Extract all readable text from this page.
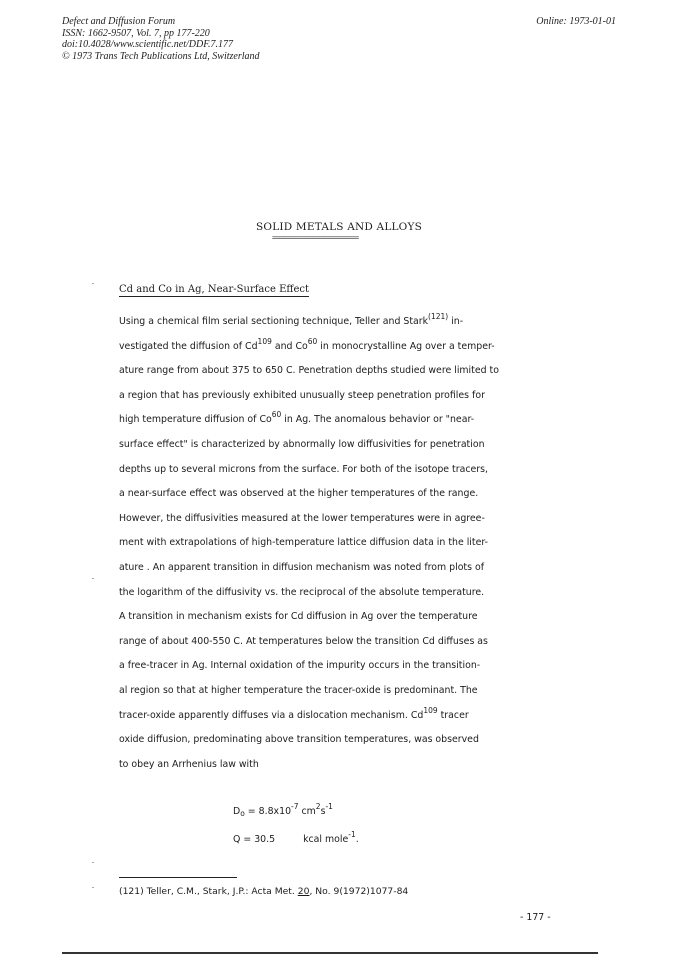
Defect and Diffusion Forum
ISSN: 1662-9507, Vol. 7, pp 177-220
doi:10.4028/www.scientific.net/DDF.7.177
© 1973 Trans Tech Publications Ltd, Switzerland
Online: 1973-01-01
SOLID METALS AND ALLOYS
==========================
Cd and Co in Ag, Near-Surface Effect
Using a chemical film serial sectioning technique, Teller and Stark$^{(121)}$ in-
vestigated the diffusion of Cd$^{109}$ and Co$^{60}$ in monocrystalline Ag over a temper-
ature range from about 375 to 650 C. Penetration depths studied were limited to
a region that has previously exhibited unusually steep penetration profiles for
high temperature diffusion of Co$^{60}$ in Ag. The anomalous behavior or "near-
surface effect" is characterized by abnormally low diffusivities for penetration
depths up to several microns from the surface. For both of the isotope tracers,
a near-surface effect was observed at the higher temperatures of the range.
However, the diffusivities measured at the lower temperatures were in agree-
ment with extrapolations of high-temperature lattice diffusion data in the liter-
ature . An apparent transition in diffusion mechanism was noted from plots of
the logarithm of the diffusivity vs. the reciprocal of the absolute temperature.
A transition in mechanism exists for Cd diffusion in Ag over the temperature
range of about 400-550 C. At temperatures below the transition Cd diffuses as
a free-tracer in Ag. Internal oxidation of the impurity occurs in the transition-
al region so that at higher temperature the tracer-oxide is predominant. The
tracer-oxide apparently diffuses via a dislocation mechanism. Cd$^{109}$ tracer
oxide diffusion, predominating above transition temperatures, was observed
to obey an Arrhenius law with
$D_o = 8.8x10^{-7}$ $cm^2s^{-1}$
Q = 30.5	kcal mole$^{-1}$.
(121) Teller, C.M., Stark, J.P.: Acta Met. 20, No. 9(1972)1077-84
- 177 -
